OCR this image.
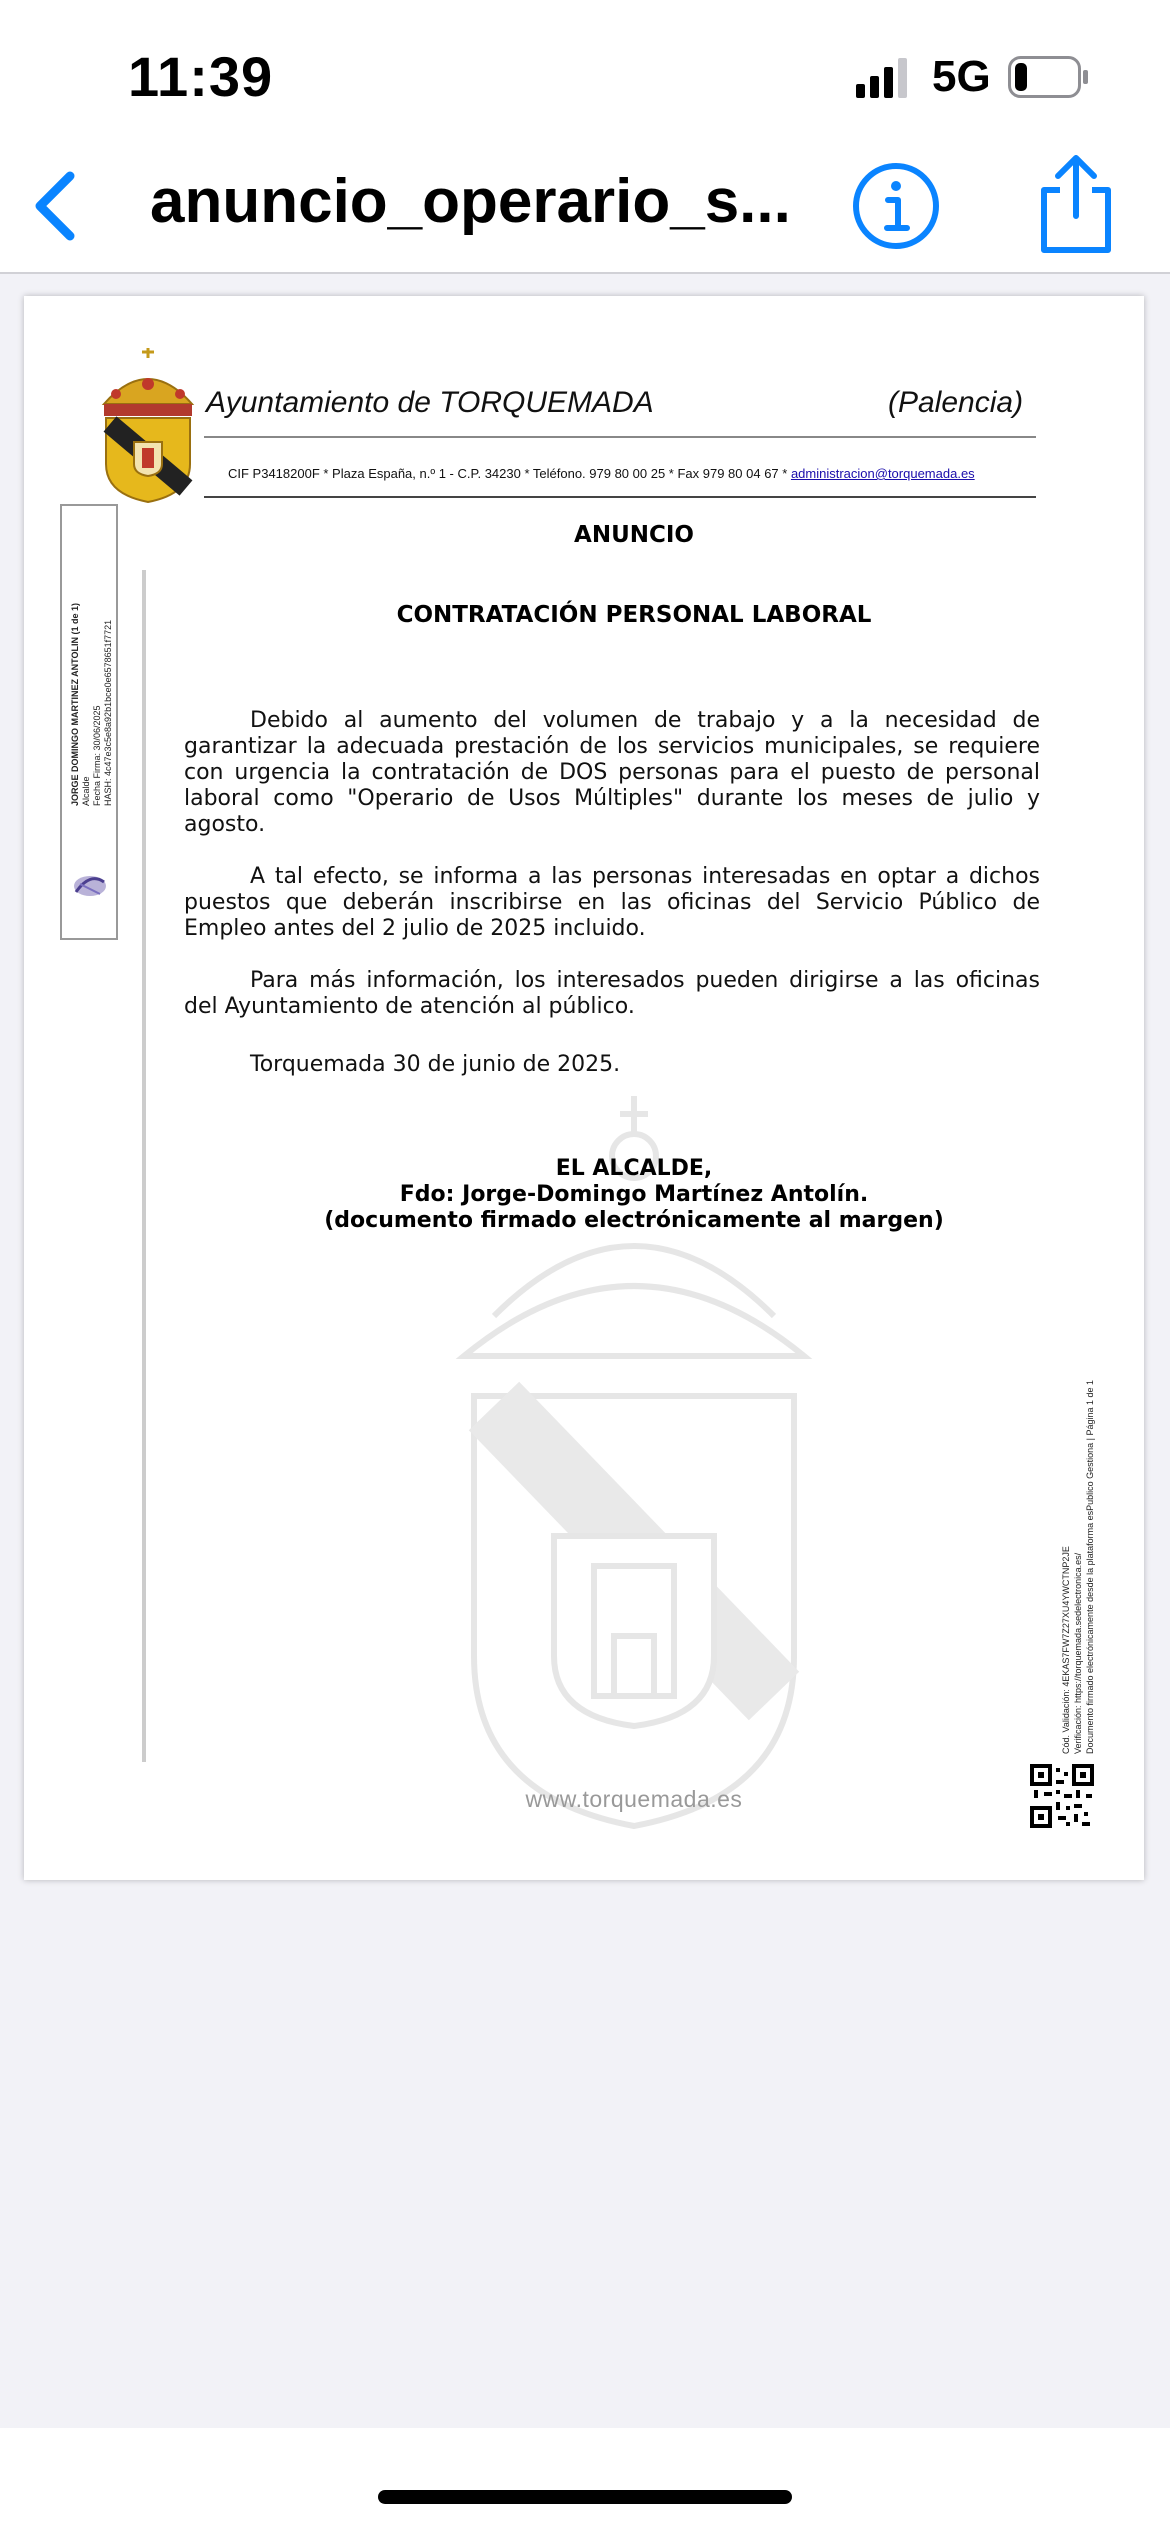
11:39	5G
anuncio_operario_s...
Ayuntamiento de TORQUEMADA	(Palencia)
CIF P3418200F * Plaza España, n.º 1 - C.P. 34230 * Teléfono. 979 80 00 25 * Fax 979 80 04 67 * administracion@torquemada.es
JORGE DOMINGO MARTINEZ ANTOLIN (1 de 1) Alcalde Fecha Firma: 30/06/2025 HASH: 4c47e3c5e8a92b1bce0e6578651f7721
ANUNCIO
CONTRATACIÓN PERSONAL LABORAL

Debido al aumento del volumen de trabajo y a la necesidad de garantizar la adecuada prestación de los servicios municipales, se requiere con urgencia la contratación de DOS personas para el puesto de personal laboral como "Operario de Usos Múltiples" durante los meses de julio y agosto.

A tal efecto, se informa a las personas interesadas en optar a dichos puestos que deberán inscribirse en las oficinas del Servicio Público de Empleo antes del 2 julio de 2025 incluido.

Para más información, los interesados pueden dirigirse a las oficinas del Ayuntamiento de atención al público.

Torquemada 30 de junio de 2025.

EL ALCALDE,
Fdo: Jorge-Domingo Martínez Antolín.
(documento firmado electrónicamente al margen)
Cód. Validación: 4EKAS7FW7Z27XU4YWCTNP2JE Verificación: https://torquemada.sedelectronica.es/ Documento firmado electrónicamente desde la plataforma esPublico Gestiona | Página 1 de 1
www.torquemada.es
